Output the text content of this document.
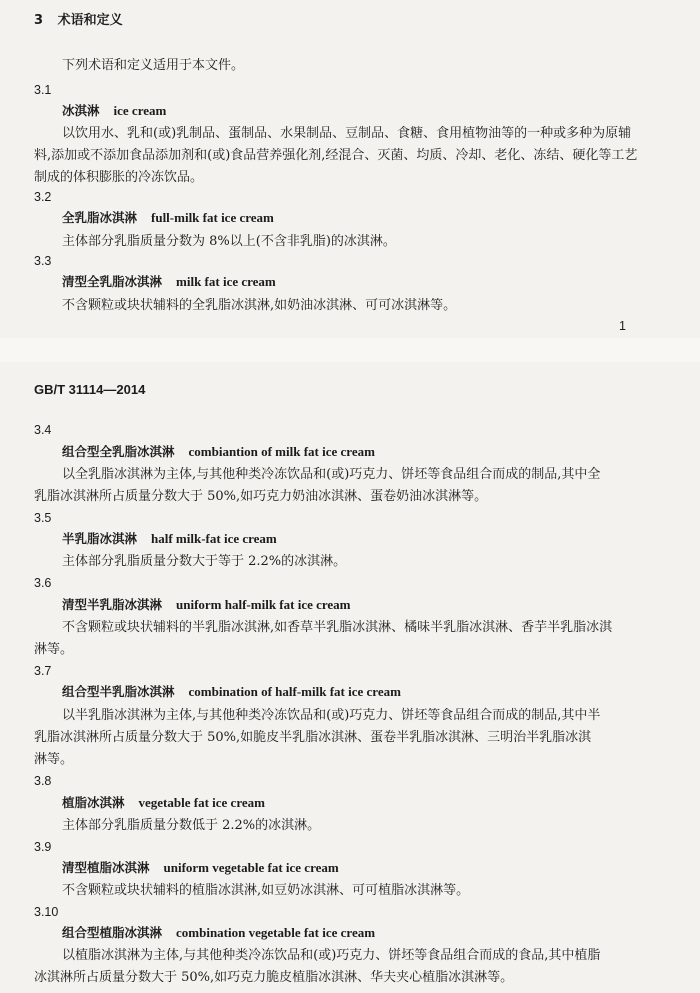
3 术语和定义
下列术语和定义适用于本文件。
3.1
冰淇淋 ice cream
以饮用水、乳和(或)乳制品、蛋制品、水果制品、豆制品、食糖、食用植物油等的一种或多种为原辅
料,添加或不添加食品添加剂和(或)食品营养强化剂,经混合、灭菌、均质、冷却、老化、冻结、硬化等工艺
制成的体积膨胀的冷冻饮品。
3.2
全乳脂冰淇淋 full-milk fat ice cream
主体部分乳脂质量分数为 8%以上(不含非乳脂)的冰淇淋。
3.3
清型全乳脂冰淇淋 milk fat ice cream
不含颗粒或块状辅料的全乳脂冰淇淋,如奶油冰淇淋、可可冰淇淋等。
1
GB/T 31114—2014
3.4
组合型全乳脂冰淇淋 combiantion of milk fat ice cream
以全乳脂冰淇淋为主体,与其他种类冷冻饮品和(或)巧克力、饼坯等食品组合而成的制品,其中全
乳脂冰淇淋所占质量分数大于 50%,如巧克力奶油冰淇淋、蛋卷奶油冰淇淋等。
3.5
半乳脂冰淇淋 half milk-fat ice cream
主体部分乳脂质量分数大于等于 2.2%的冰淇淋。
3.6
清型半乳脂冰淇淋 uniform half-milk fat ice cream
不含颗粒或块状辅料的半乳脂冰淇淋,如香草半乳脂冰淇淋、橘味半乳脂冰淇淋、香芋半乳脂冰淇
淋等。
3.7
组合型半乳脂冰淇淋 combination of half-milk fat ice cream
以半乳脂冰淇淋为主体,与其他种类冷冻饮品和(或)巧克力、饼坯等食品组合而成的制品,其中半
乳脂冰淇淋所占质量分数大于 50%,如脆皮半乳脂冰淇淋、蛋卷半乳脂冰淇淋、三明治半乳脂冰淇
淋等。
3.8
植脂冰淇淋 vegetable fat ice cream
主体部分乳脂质量分数低于 2.2%的冰淇淋。
3.9
清型植脂冰淇淋 uniform vegetable fat ice cream
不含颗粒或块状辅料的植脂冰淇淋,如豆奶冰淇淋、可可植脂冰淇淋等。
3.10
组合型植脂冰淇淋 combination vegetable fat ice cream
以植脂冰淇淋为主体,与其他种类冷冻饮品和(或)巧克力、饼坯等食品组合而成的食品,其中植脂
冰淇淋所占质量分数大于 50%,如巧克力脆皮植脂冰淇淋、华夫夹心植脂冰淇淋等。
